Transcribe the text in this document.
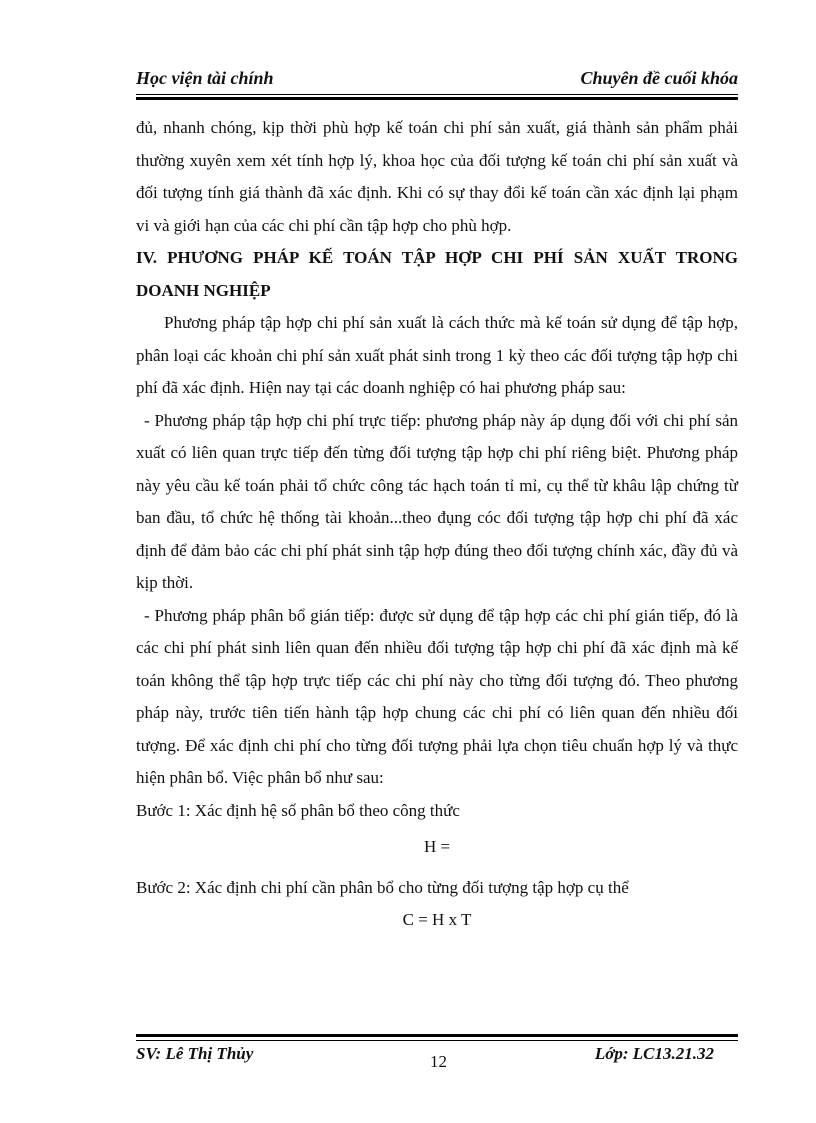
Học viện tài chính	Chuyên đề cuối khóa

đủ, nhanh chóng, kịp thời phù hợp kế toán chi phí sản xuất, giá thành sản phẩm phải thường xuyên xem xét tính hợp lý, khoa học của đối tượng kế toán chi phí sản xuất và đối tượng tính giá thành đã xác định. Khi có sự thay đổi kế toán cần xác định lại phạm vi và giới hạn của các chi phí cần tập hợp cho phù hợp.

IV. PHƯƠNG PHÁP KẾ TOÁN TẬP HỢP CHI PHÍ SẢN XUẤT TRONG DOANH NGHIỆP

Phương pháp tập hợp chi phí sản xuất là cách thức mà kế toán sử dụng để tập hợp, phân loại các khoản chi phí sản xuất phát sinh trong 1 kỳ theo các đối tượng tập hợp chi phí đã xác định. Hiện nay tại các doanh nghiệp có hai phương pháp sau:

- Phương pháp tập hợp chi phí trực tiếp: phương pháp này áp dụng đối với chi phí sản xuất có liên quan trực tiếp đến từng đối tượng tập hợp chi phí riêng biệt. Phương pháp này yêu cầu kế toán phải tổ chức công tác hạch toán tỉ mỉ, cụ thể từ khâu lập chứng từ ban đầu, tổ chức hệ thống tài khoản...theo đụng cóc đối tượng tập hợp chi phí đã xác định để đảm bảo các chi phí phát sinh tập hợp đúng theo đối tượng chính xác, đầy đủ và kịp thời.

- Phương pháp phân bổ gián tiếp: được sử dụng để tập hợp các chi phí gián tiếp, đó là các chi phí phát sinh liên quan đến nhiều đối tượng tập hợp chi phí đã xác định mà kế toán không thể tập hợp trực tiếp các chi phí này cho từng đối tượng đó. Theo phương pháp này, trước tiên tiến hành tập hợp chung các chi phí có liên quan đến nhiều đối tượng. Để xác định chi phí cho từng đối tượng phải lựa chọn tiêu chuẩn hợp lý và thực hiện phân bổ. Việc phân bổ như sau:

Bước 1: Xác định hệ số phân bổ theo công thức

H =

Bước 2: Xác định chi phí cần phân bổ cho từng đối tượng tập hợp cụ thể

C = H x T

SV: Lê Thị Thủy	12	Lớp: LC13.21.32
